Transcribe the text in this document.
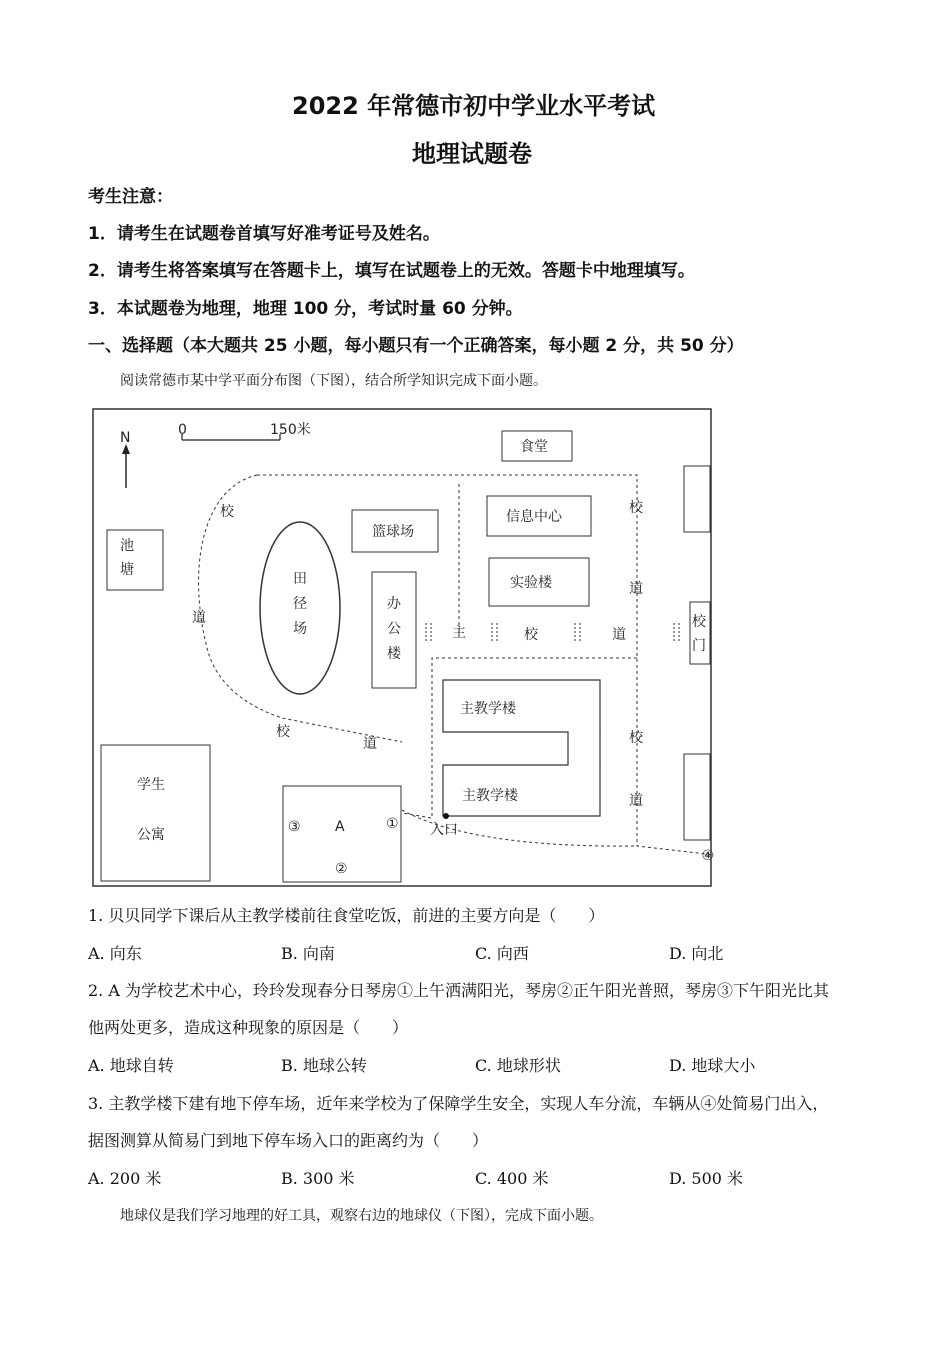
2022 年常德市初中学业水平考试
地理试题卷
考生注意：
1．请考生在试题卷首填写好准考证号及姓名。
2．请考生将答案填写在答题卡上，填写在试题卷上的无效。答题卡中地理填写。
3．本试题卷为地理，地理 100 分，考试时量 60 分钟。
一、选择题（本大题共 25 小题，每小题只有一个正确答案，每小题 2 分，共 50 分）
阅读常德市某中学平面分布图（下图），结合所学知识完成下面小题。
N	0	150米
食堂
池
塘
田
径
场
篮球场
办
公
楼
信息中心
实验楼
主教学楼
主教学楼
学生
公寓	A
③	①
②
入口
④
校
门
主	校	道
校
道
校
道
校
道
校
道
1. 贝贝同学下课后从主教学楼前往食堂吃饭，前进的主要方向是（　　）
A. 向东	B. 向南	C. 向西	D. 向北
2. A 为学校艺术中心，玲玲发现春分日琴房①上午洒满阳光，琴房②正午阳光普照，琴房③下午阳光比其
他两处更多，造成这种现象的原因是（　　）
A. 地球自转	B. 地球公转	C. 地球形状	D. 地球大小
3. 主教学楼下建有地下停车场，近年来学校为了保障学生安全，实现人车分流，车辆从④处简易门出入，
据图测算从简易门到地下停车场入口的距离约为（　　）
A. 200 米	B. 300 米	C. 400 米	D. 500 米
地球仪是我们学习地理的好工具，观察右边的地球仪（下图），完成下面小题。
